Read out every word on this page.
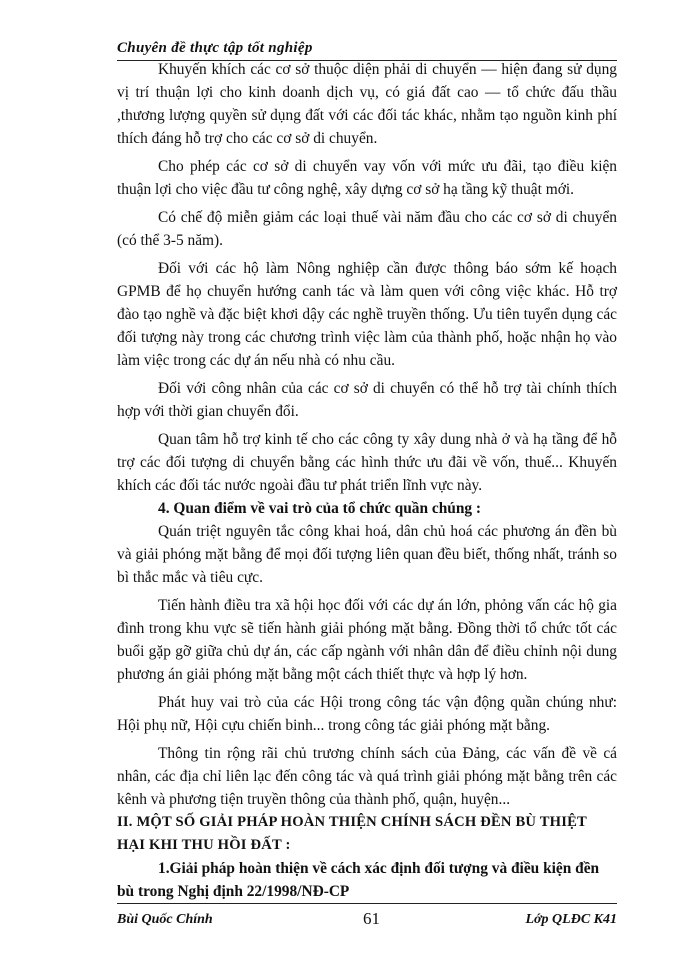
Chuyên đề thực tập tốt nghiệp

Khuyến khích các cơ sở thuộc diện phải di chuyển — hiện đang sử dụng vị trí thuận lợi cho kinh doanh dịch vụ, có giá đất cao — tổ chức đấu thầu ,thương lượng quyền sử dụng đất với các đối tác khác, nhằm tạo nguồn kinh phí thích đáng hỗ trợ cho các cơ sở di chuyển.

Cho phép các cơ sở di chuyển vay vốn với mức ưu đãi, tạo điều kiện thuận lợi cho việc đầu tư công nghệ, xây dựng cơ sở hạ tầng kỹ thuật mới.

Có chế độ miễn giảm các loại thuế vài năm đầu cho các cơ sở di chuyển (có thể 3-5 năm).

Đối với các hộ làm Nông nghiệp cần được thông báo sớm kế hoạch GPMB để họ chuyển hướng canh tác và làm quen với công việc khác. Hỗ trợ đào tạo nghề và đặc biệt khơi dậy các nghề truyền thống. Ưu tiên tuyển dụng các đối tượng này trong các chương trình việc làm của thành phố, hoặc nhận họ vào làm việc trong các dự án nếu nhà có nhu cầu.

Đối với công nhân của các cơ sở di chuyển có thể hỗ trợ tài chính thích hợp với thời gian chuyển đổi.

Quan tâm hỗ trợ kinh tế cho các công ty xây dung nhà ở và hạ tầng để hỗ trợ các đối tượng di chuyển bằng các hình thức ưu đãi về vốn, thuế... Khuyến khích các đối tác nước ngoài đầu tư phát triển lĩnh vực này.

4. Quan điểm về vai trò của tổ chức quần chúng :

Quán triệt nguyên tắc công khai hoá, dân chủ hoá các phương án đền bù và giải phóng mặt bằng để mọi đối tượng liên quan đều biết, thống nhất, tránh so bì thắc mắc và tiêu cực.

Tiến hành điều tra xã hội học đối với các dự án lớn, phỏng vấn các hộ gia đình trong khu vực sẽ tiến hành giải phóng mặt bằng. Đồng thời tổ chức tốt các buổi gặp gỡ giữa chủ dự án, các cấp ngành với nhân dân để điều chỉnh nội dung phương án giải phóng mặt bằng một cách thiết thực và hợp lý hơn.

Phát huy vai trò của các Hội trong công tác vận động quần chúng như: Hội phụ nữ, Hội cựu chiến binh... trong công tác giải phóng mặt bằng.

Thông tin rộng rãi chủ trương chính sách của Đảng, các vấn đề về cá nhân, các địa chỉ liên lạc đến công tác và quá trình giải phóng mặt bằng trên các kênh và phương tiện truyền thông của thành phố, quận, huyện...

II. MỘT SỐ GIẢI PHÁP HOÀN THIỆN CHÍNH SÁCH ĐỀN BÙ THIỆT HẠI KHI THU HỒI ĐẤT :

1.Giải pháp hoàn thiện về cách xác định đối tượng và điều kiện đền bù trong Nghị định 22/1998/NĐ-CP

Bùi Quốc Chính	61	Lớp QLĐC K41
